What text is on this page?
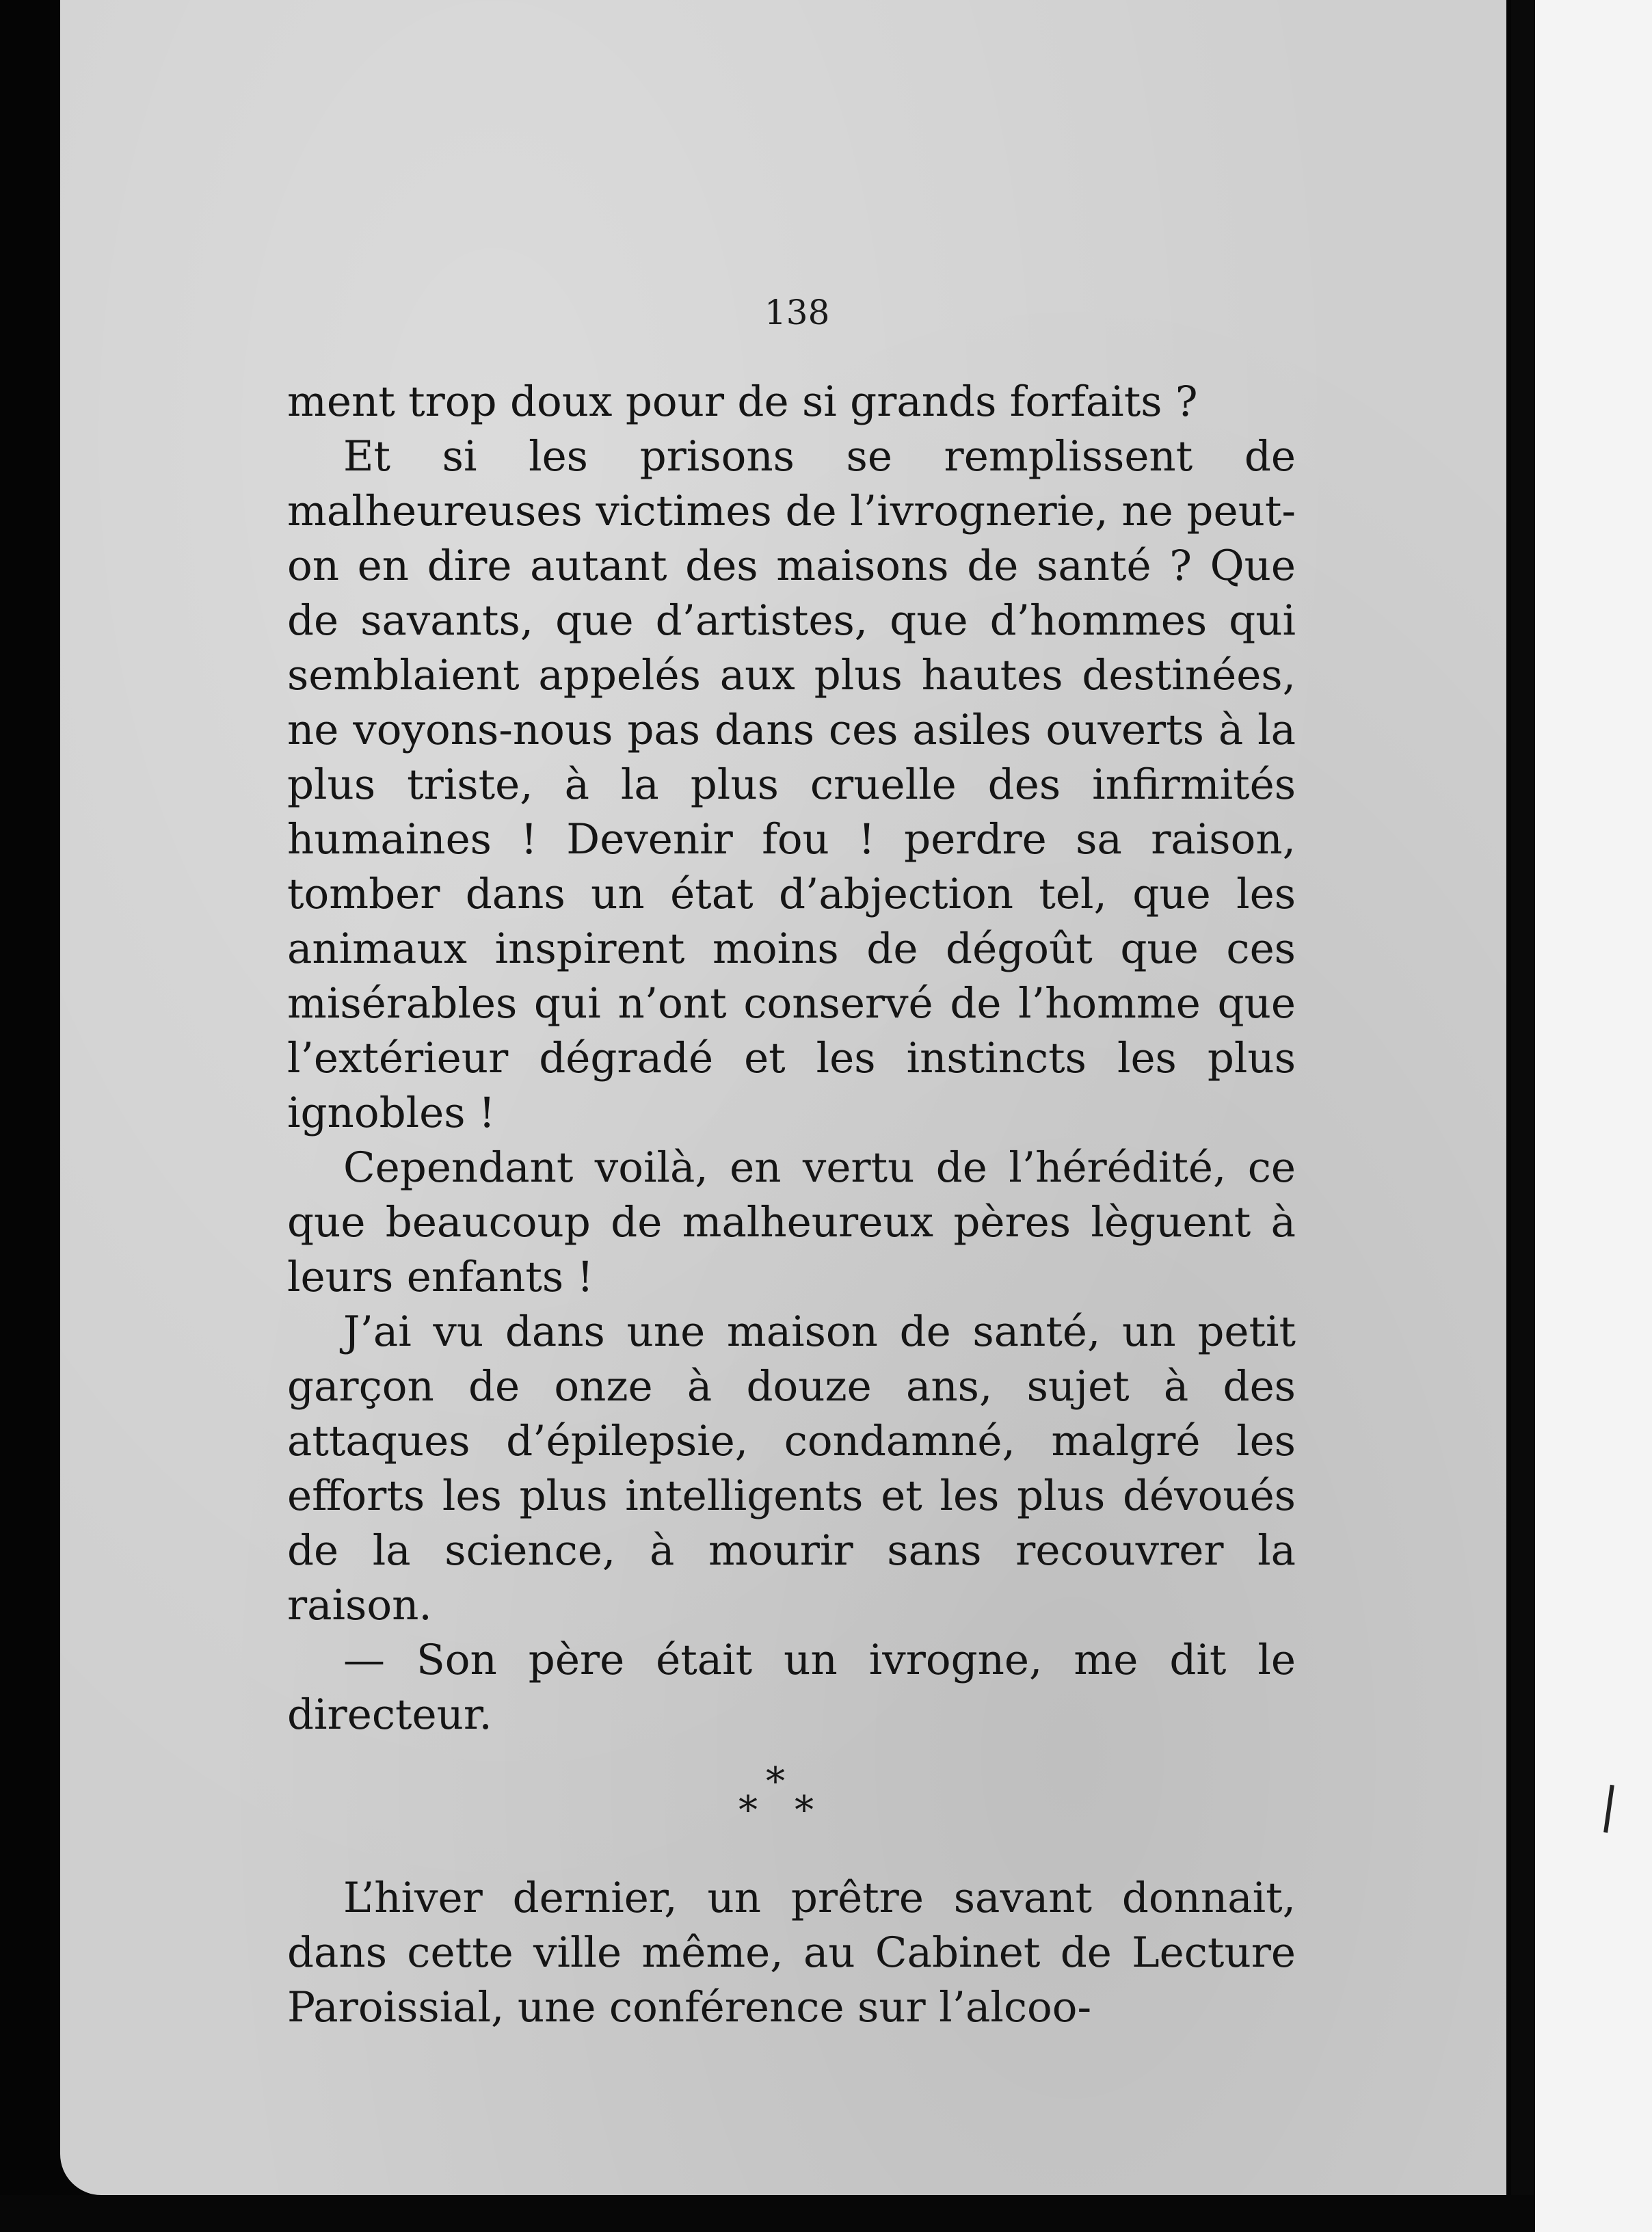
138

ment trop doux pour de si grands forfaits ?

Et si les prisons se remplissent de malheureuses victimes de l’ivrognerie, ne peut-on en dire autant des maisons de santé ? Que de savants, que d’artistes, que d’hommes qui semblaient appelés aux plus hautes destinées, ne voyons-nous pas dans ces asiles ouverts à la plus triste, à la plus cruelle des infirmités humaines ! Devenir fou ! perdre sa raison, tomber dans un état d’abjection tel, que les animaux inspirent moins de dégoût que ces misérables qui n’ont conservé de l’homme que l’extérieur dégradé et les instincts les plus ignobles !

Cependant voilà, en vertu de l’hérédité, ce que beaucoup de malheureux pères lèguent à leurs enfants !

J’ai vu dans une maison de santé, un petit garçon de onze à douze ans, sujet à des attaques d’épilepsie, condamné, malgré les efforts les plus intelligents et les plus dévoués de la science, à mourir sans recouvrer la raison.

— Son père était un ivrogne, me dit le directeur.

*
* *

L’hiver dernier, un prêtre savant donnait, dans cette ville même, au Cabinet de Lecture Paroissial, une conférence sur l’alcoo-
